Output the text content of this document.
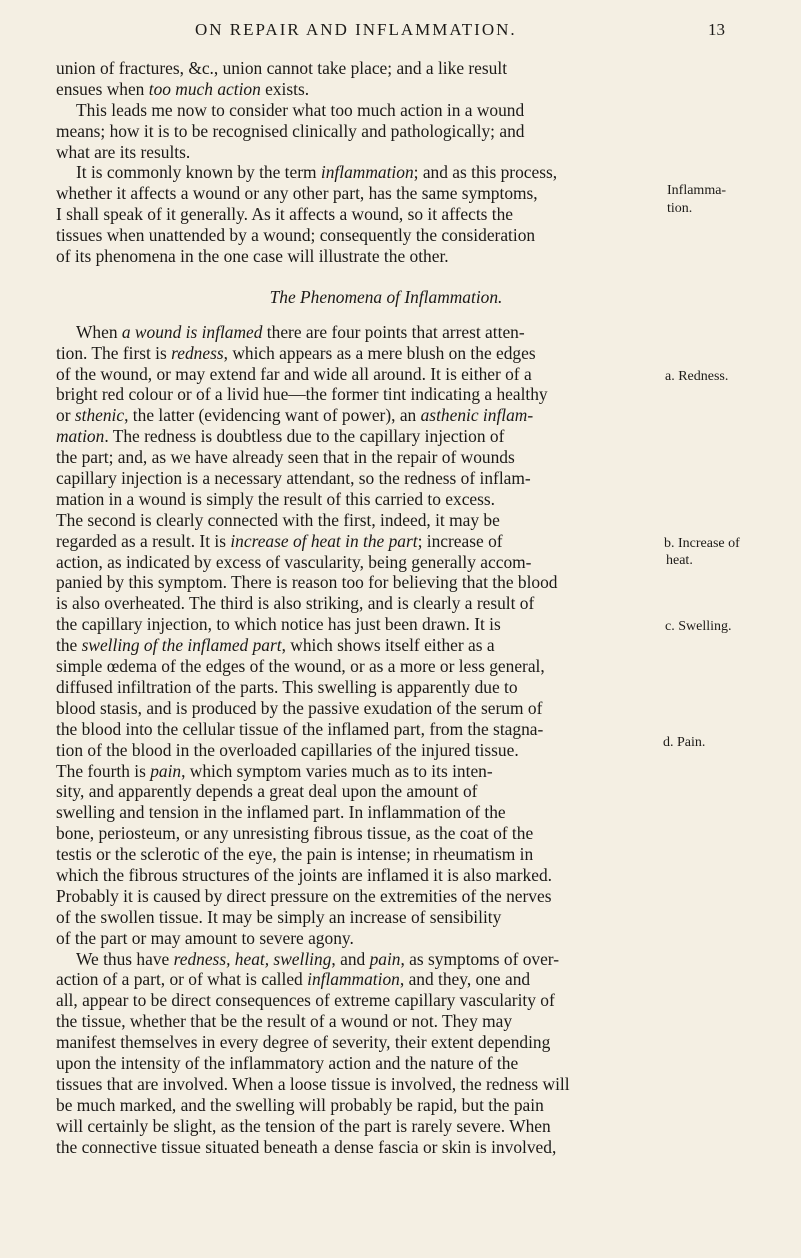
ON REPAIR AND INFLAMMATION.	13
union of fractures, &c., union cannot take place; and a like result
ensues when too much action exists.
This leads me now to consider what too much action in a wound
means; how it is to be recognised clinically and pathologically; and
what are its results.
It is commonly known by the term inflammation; and as this process,
whether it affects a wound or any other part, has the same symptoms,
I shall speak of it generally. As it affects a wound, so it affects the
tissues when unattended by a wound; consequently the consideration
of its phenomena in the one case will illustrate the other.
The Phenomena of Inflammation.
When a wound is inflamed there are four points that arrest atten-
tion. The first is redness, which appears as a mere blush on the edges
of the wound, or may extend far and wide all around. It is either of a
bright red colour or of a livid hue—the former tint indicating a healthy
or sthenic, the latter (evidencing want of power), an asthenic inflam-
mation. The redness is doubtless due to the capillary injection of
the part; and, as we have already seen that in the repair of wounds
capillary injection is a necessary attendant, so the redness of inflam-
mation in a wound is simply the result of this carried to excess.
The second is clearly connected with the first, indeed, it may be
regarded as a result. It is increase of heat in the part; increase of
action, as indicated by excess of vascularity, being generally accom-
panied by this symptom. There is reason too for believing that the blood
is also overheated. The third is also striking, and is clearly a result of
the capillary injection, to which notice has just been drawn. It is
the swelling of the inflamed part, which shows itself either as a
simple œdema of the edges of the wound, or as a more or less general,
diffused infiltration of the parts. This swelling is apparently due to
blood stasis, and is produced by the passive exudation of the serum of
the blood into the cellular tissue of the inflamed part, from the stagna-
tion of the blood in the overloaded capillaries of the injured tissue.
The fourth is pain, which symptom varies much as to its inten-
sity, and apparently depends a great deal upon the amount of
swelling and tension in the inflamed part. In inflammation of the
bone, periosteum, or any unresisting fibrous tissue, as the coat of the
testis or the sclerotic of the eye, the pain is intense; in rheumatism in
which the fibrous structures of the joints are inflamed it is also marked.
Probably it is caused by direct pressure on the extremities of the nerves
of the swollen tissue. It may be simply an increase of sensibility
of the part or may amount to severe agony.
We thus have redness, heat, swelling, and pain, as symptoms of over-
action of a part, or of what is called inflammation, and they, one and
all, appear to be direct consequences of extreme capillary vascularity of
the tissue, whether that be the result of a wound or not. They may
manifest themselves in every degree of severity, their extent depending
upon the intensity of the inflammatory action and the nature of the
tissues that are involved. When a loose tissue is involved, the redness will
be much marked, and the swelling will probably be rapid, but the pain
will certainly be slight, as the tension of the part is rarely severe. When
the connective tissue situated beneath a dense fascia or skin is involved,
Inflamma-
tion.
a. Redness.
b. Increase of
heat.
c. Swelling.
d. Pain.
